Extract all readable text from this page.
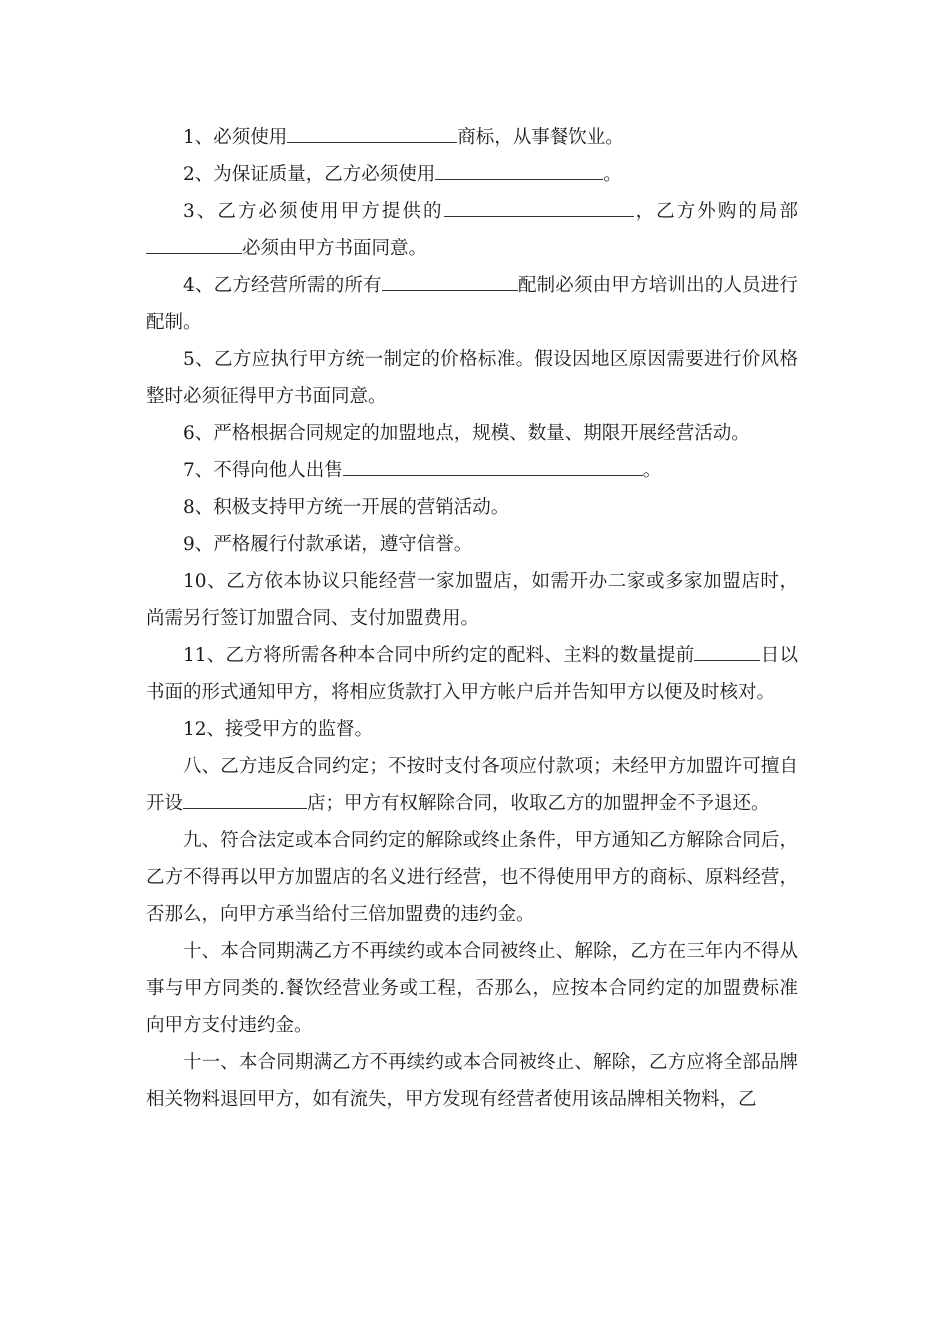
1、必须使用	商标，从事餐饮业。

2、为保证质量，乙方必须使用	。

3、乙方必须使用甲方提供的	，乙方外购的局部必须由甲方书面同意。

4、乙方经营所需的所有	配制必须由甲方培训出的人员进行配制。

5、乙方应执行甲方统一制定的价格标准。假设因地区原因需要进行价风格整时必须征得甲方书面同意。

6、严格根据合同规定的加盟地点，规模、数量、期限开展经营活动。

7、不得向他人出售	。

8、积极支持甲方统一开展的营销活动。

9、严格履行付款承诺，遵守信誉。

10、乙方依本协议只能经营一家加盟店，如需开办二家或多家加盟店时，尚需另行签订加盟合同、支付加盟费用。

11、乙方将所需各种本合同中所约定的配料、主料的数量提前	日以书面的形式通知甲方，将相应货款打入甲方帐户后并告知甲方以便及时核对。

12、接受甲方的监督。

八、乙方违反合同约定；不按时支付各项应付款项；未经甲方加盟许可擅自开设	店；甲方有权解除合同，收取乙方的加盟押金不予退还。

九、符合法定或本合同约定的解除或终止条件，甲方通知乙方解除合同后，乙方不得再以甲方加盟店的名义进行经营，也不得使用甲方的商标、原料经营，否那么，向甲方承当给付三倍加盟费的违约金。

十、本合同期满乙方不再续约或本合同被终止、解除，乙方在三年内不得从事与甲方同类的.餐饮经营业务或工程，否那么，应按本合同约定的加盟费标准向甲方支付违约金。

十一、本合同期满乙方不再续约或本合同被终止、解除，乙方应将全部品牌相关物料退回甲方，如有流失，甲方发现有经营者使用该品牌相关物料，乙
